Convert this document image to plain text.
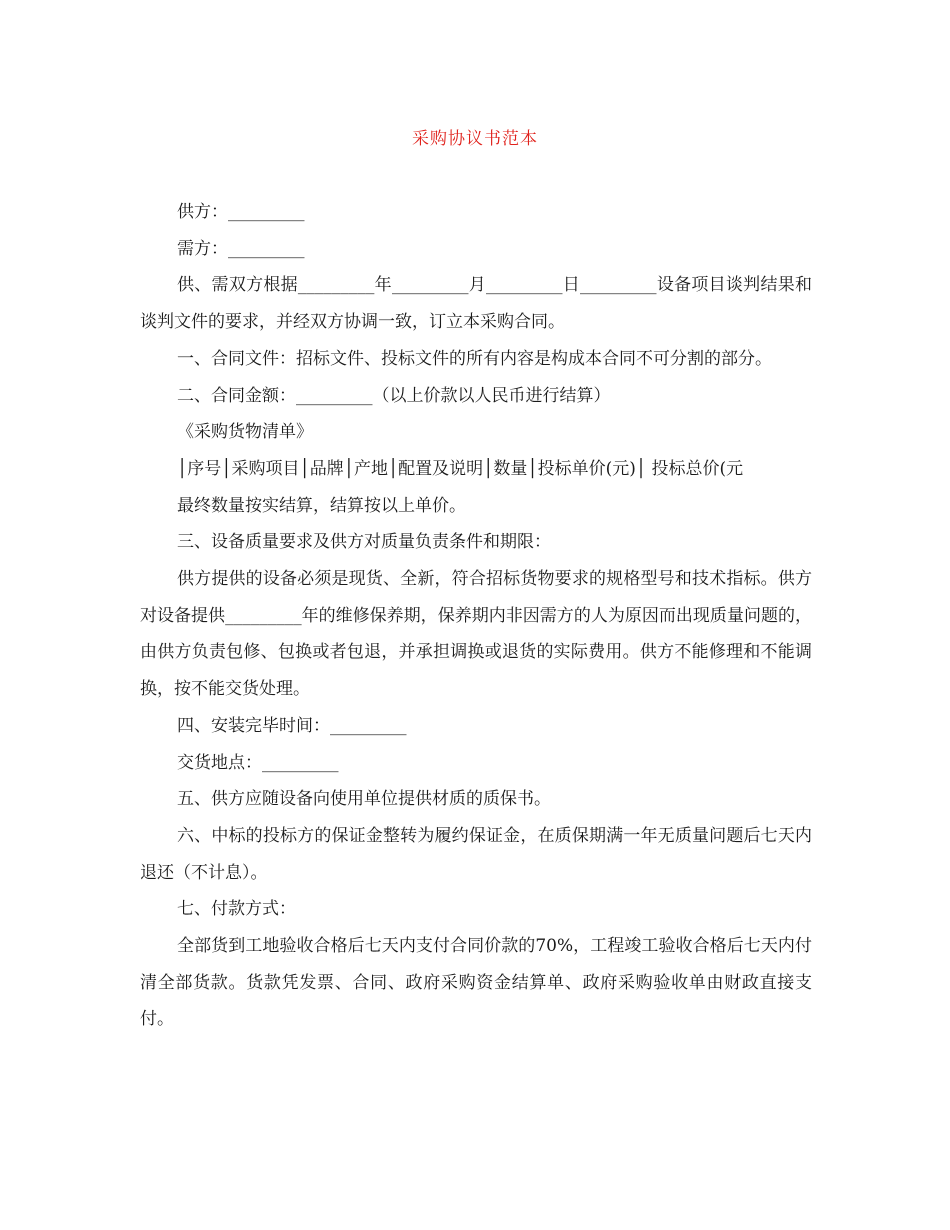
采购协议书范本

供方：_________

需方：_________

供、需双方根据_________年_________月_________日_________设备项目谈判结果和谈判文件的要求，并经双方协调一致，订立本采购合同。

一、合同文件：招标文件、投标文件的所有内容是构成本合同不可分割的部分。

二、合同金额：_________（以上价款以人民币进行结算）

《采购货物清单》

│序号│采购项目│品牌│产地│配置及说明│数量│投标单价(元)│ 投标总价(元

最终数量按实结算，结算按以上单价。

三、设备质量要求及供方对质量负责条件和期限：

供方提供的设备必须是现货、全新，符合招标货物要求的规格型号和技术指标。供方对设备提供_________年的维修保养期，保养期内非因需方的人为原因而出现质量问题的，由供方负责包修、包换或者包退，并承担调换或退货的实际费用。供方不能修理和不能调换，按不能交货处理。

四、安装完毕时间：_________

交货地点：_________

五、供方应随设备向使用单位提供材质的质保书。

六、中标的投标方的保证金整转为履约保证金，在质保期满一年无质量问题后七天内退还（不计息）。

七、付款方式：

全部货到工地验收合格后七天内支付合同价款的70%，工程竣工验收合格后七天内付清全部货款。货款凭发票、合同、政府采购资金结算单、政府采购验收单由财政直接支付。
